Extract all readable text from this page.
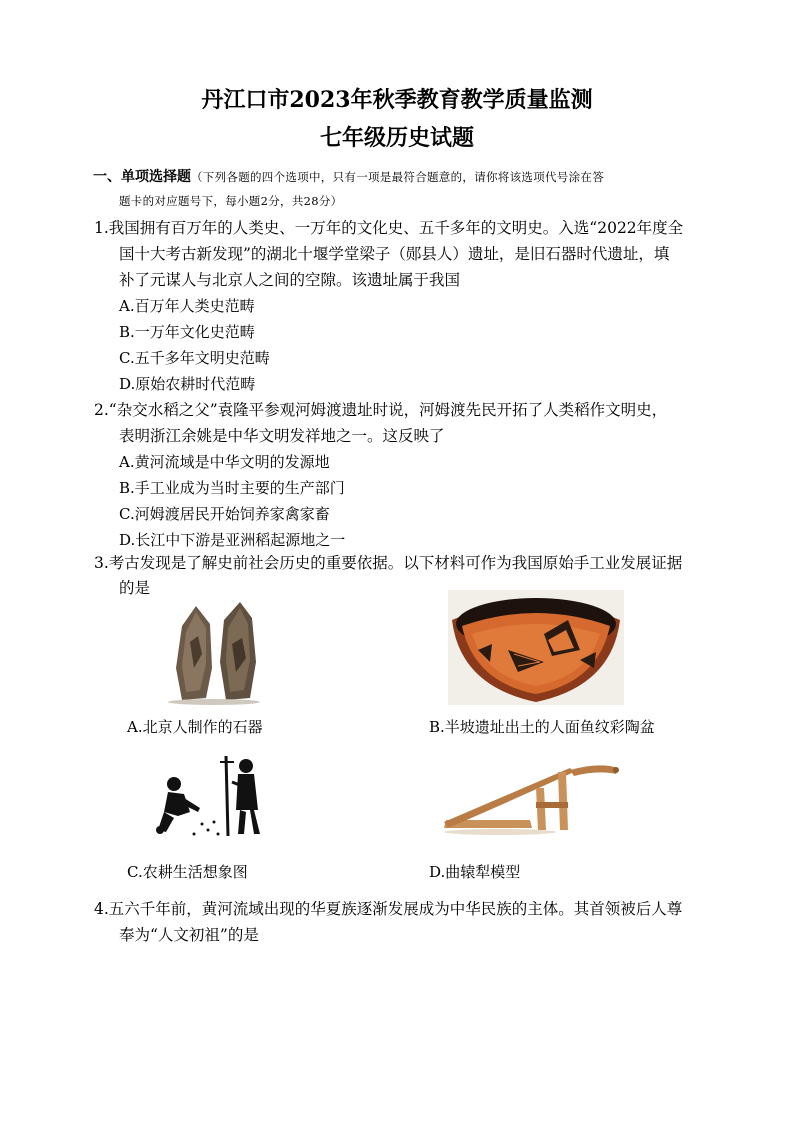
丹江口市2023年秋季教育教学质量监测
七年级历史试题
一、单项选择题（下列各题的四个选项中，只有一项是最符合题意的，请你将该选项代号涂在答
题卡的对应题号下，每小题2分，共28分）
1.我国拥有百万年的人类史、一万年的文化史、五千多年的文明史。入选“2022年度全
国十大考古新发现”的湖北十堰学堂梁子（郧县人）遗址，是旧石器时代遗址，填
补了元谋人与北京人之间的空隙。该遗址属于我国
A.百万年人类史范畴
B.一万年文化史范畴
C.五千多年文明史范畴
D.原始农耕时代范畴
2.“杂交水稻之父”袁隆平参观河姆渡遗址时说，河姆渡先民开拓了人类稻作文明史，
表明浙江余姚是中华文明发祥地之一。这反映了
A.黄河流域是中华文明的发源地
B.手工业成为当时主要的生产部门
C.河姆渡居民开始饲养家禽家畜
D.长江中下游是亚洲稻起源地之一
3.考古发现是了解史前社会历史的重要依据。以下材料可作为我国原始手工业发展证据
的是
A.北京人制作的石器	B.半坡遗址出土的人面鱼纹彩陶盆
C.农耕生活想象图	D.曲辕犁模型
4.五六千年前，黄河流域出现的华夏族逐渐发展成为中华民族的主体。其首领被后人尊
奉为“人文初祖”的是
